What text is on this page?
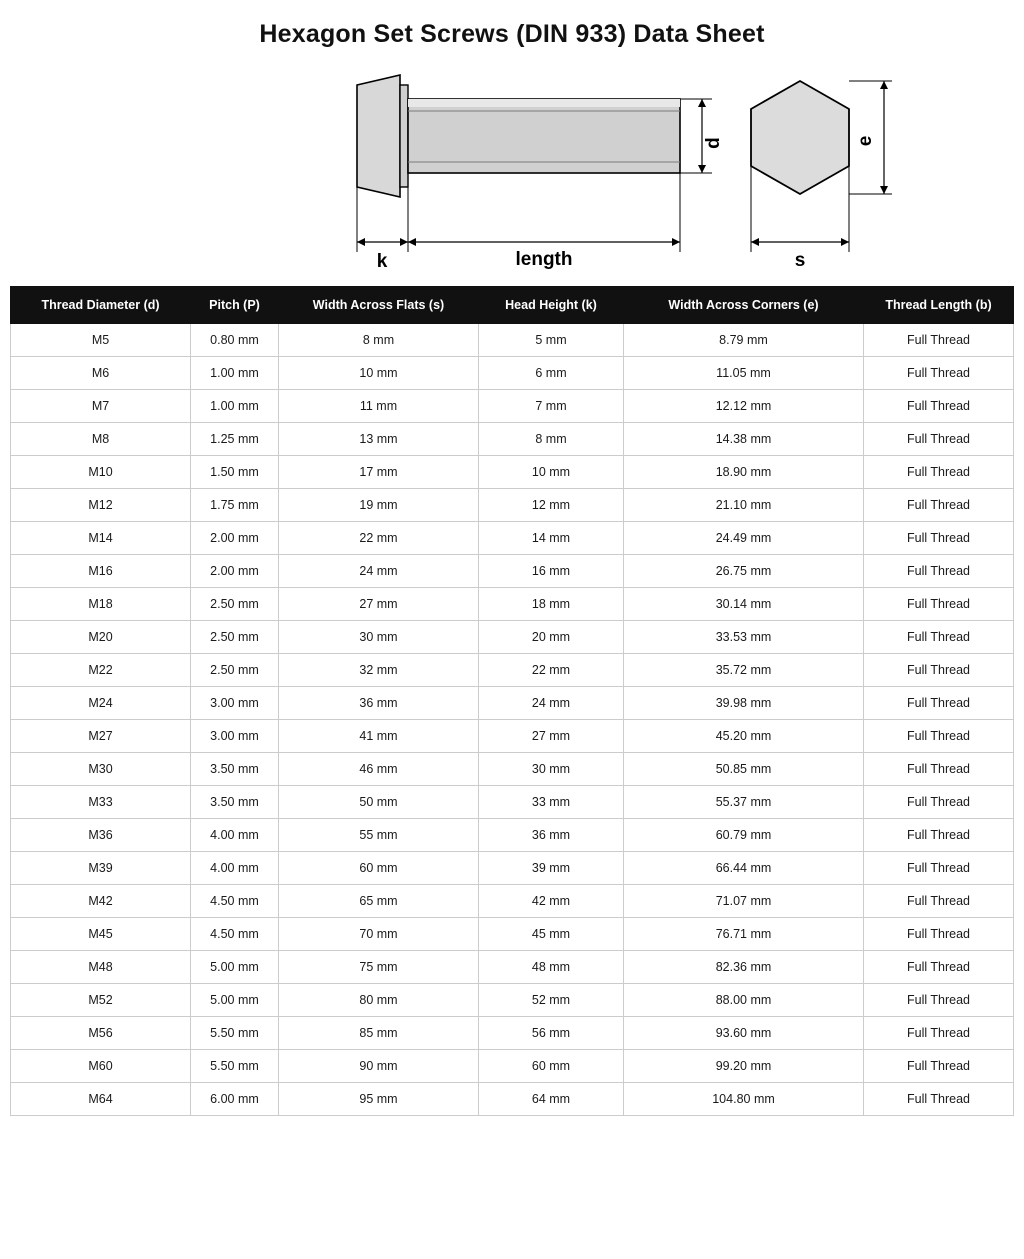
Hexagon Set Screws (DIN 933) Data Sheet
d
k	length
e
s
Thread Diameter (d)	Pitch (P)	Width Across Flats (s)	Head Height (k)	Width Across Corners (e)	Thread Length (b)
M5	0.80 mm	8 mm	5 mm	8.79 mm	Full Thread
M6	1.00 mm	10 mm	6 mm	11.05 mm	Full Thread
M7	1.00 mm	11 mm	7 mm	12.12 mm	Full Thread
M8	1.25 mm	13 mm	8 mm	14.38 mm	Full Thread
M10	1.50 mm	17 mm	10 mm	18.90 mm	Full Thread
M12	1.75 mm	19 mm	12 mm	21.10 mm	Full Thread
M14	2.00 mm	22 mm	14 mm	24.49 mm	Full Thread
M16	2.00 mm	24 mm	16 mm	26.75 mm	Full Thread
M18	2.50 mm	27 mm	18 mm	30.14 mm	Full Thread
M20	2.50 mm	30 mm	20 mm	33.53 mm	Full Thread
M22	2.50 mm	32 mm	22 mm	35.72 mm	Full Thread
M24	3.00 mm	36 mm	24 mm	39.98 mm	Full Thread
M27	3.00 mm	41 mm	27 mm	45.20 mm	Full Thread
M30	3.50 mm	46 mm	30 mm	50.85 mm	Full Thread
M33	3.50 mm	50 mm	33 mm	55.37 mm	Full Thread
M36	4.00 mm	55 mm	36 mm	60.79 mm	Full Thread
M39	4.00 mm	60 mm	39 mm	66.44 mm	Full Thread
M42	4.50 mm	65 mm	42 mm	71.07 mm	Full Thread
M45	4.50 mm	70 mm	45 mm	76.71 mm	Full Thread
M48	5.00 mm	75 mm	48 mm	82.36 mm	Full Thread
M52	5.00 mm	80 mm	52 mm	88.00 mm	Full Thread
M56	5.50 mm	85 mm	56 mm	93.60 mm	Full Thread
M60	5.50 mm	90 mm	60 mm	99.20 mm	Full Thread
M64	6.00 mm	95 mm	64 mm	104.80 mm	Full Thread
